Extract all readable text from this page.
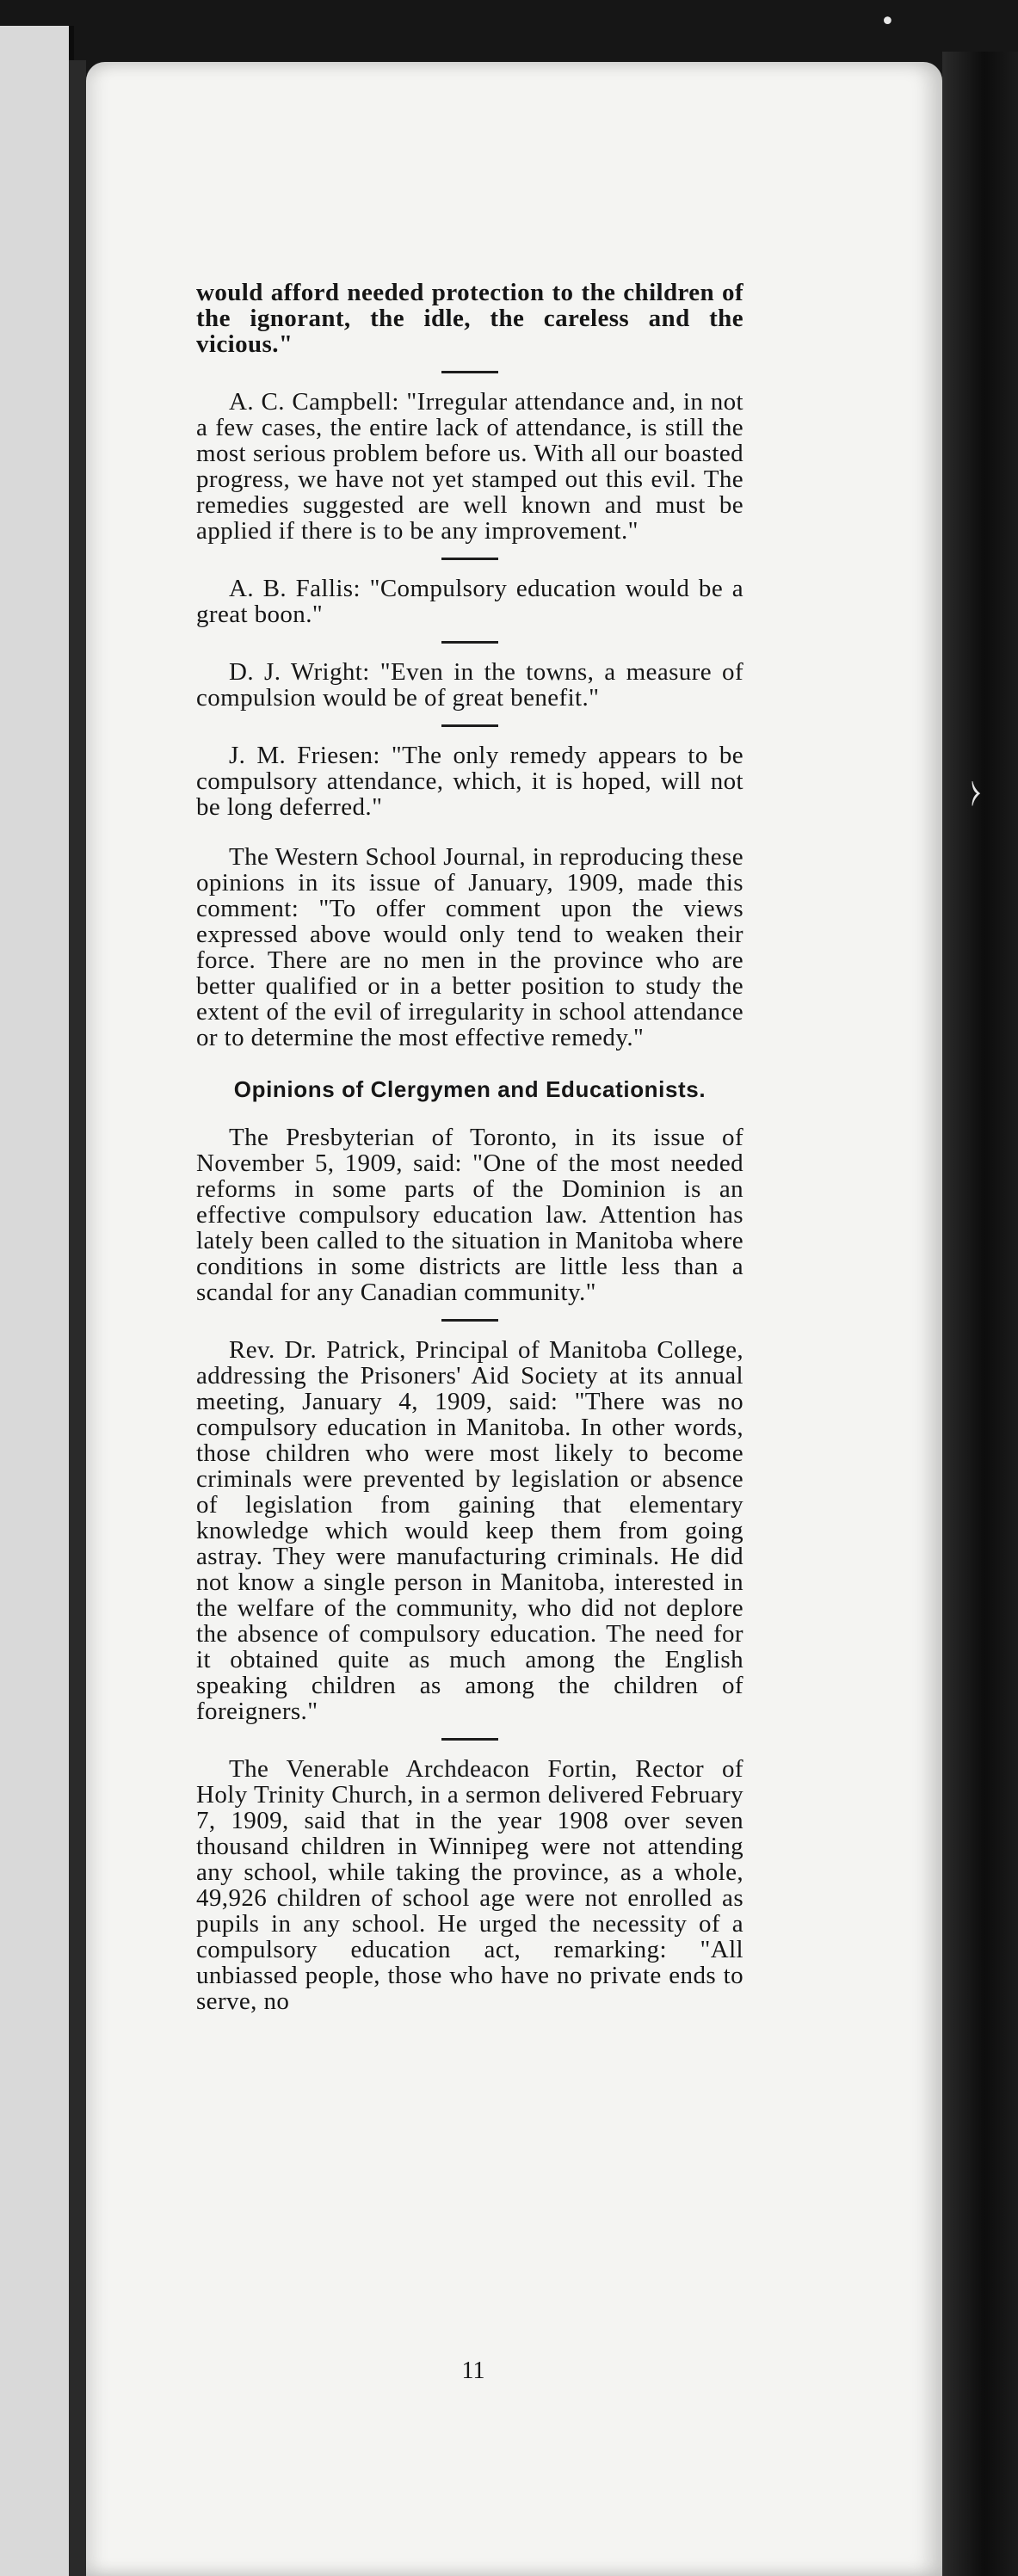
​∙
⧽

would afford needed protection to the children of the ignorant, the idle, the careless and the vicious."

A. C. Campbell: "Irregular attendance and, in not a few cases, the entire lack of attendance, is still the most serious problem before us. With all our boasted progress, we have not yet stamped out this evil. The remedies suggested are well known and must be applied if there is to be any improvement."

A. B. Fallis: "Compulsory education would be a great boon."

D. J. Wright: "Even in the towns, a measure of compulsion would be of great benefit."

J. M. Friesen: "The only remedy appears to be compulsory attendance, which, it is hoped, will not be long deferred."

The Western School Journal, in reproducing these opinions in its issue of January, 1909, made this comment: "To offer comment upon the views expressed above would only tend to weaken their force. There are no men in the province who are better qualified or in a better position to study the extent of the evil of irregularity in school attendance or to determine the most effective remedy."

Opinions of Clergymen and Educationists.

The Presbyterian of Toronto, in its issue of November 5, 1909, said: "One of the most needed reforms in some parts of the Dominion is an effective compulsory education law. Attention has lately been called to the situation in Manitoba where conditions in some districts are little less than a scandal for any Canadian community."

Rev. Dr. Patrick, Principal of Manitoba College, addressing the Prisoners' Aid Society at its annual meeting, January 4, 1909, said: "There was no compulsory education in Manitoba. In other words, those children who were most likely to become criminals were prevented by legislation or absence of legislation from gaining that elementary knowledge which would keep them from going astray. They were manufacturing criminals. He did not know a single person in Manitoba, interested in the welfare of the community, who did not deplore the absence of compulsory education. The need for it obtained quite as much among the English speaking children as among the children of foreigners."

The Venerable Archdeacon Fortin, Rector of Holy Trinity Church, in a sermon delivered February 7, 1909, said that in the year 1908 over seven thousand children in Winnipeg were not attending any school, while taking the province, as a whole, 49,926 children of school age were not enrolled as pupils in any school. He urged the necessity of a compulsory education act, remarking: "All unbiassed people, those who have no private ends to serve, no

11
